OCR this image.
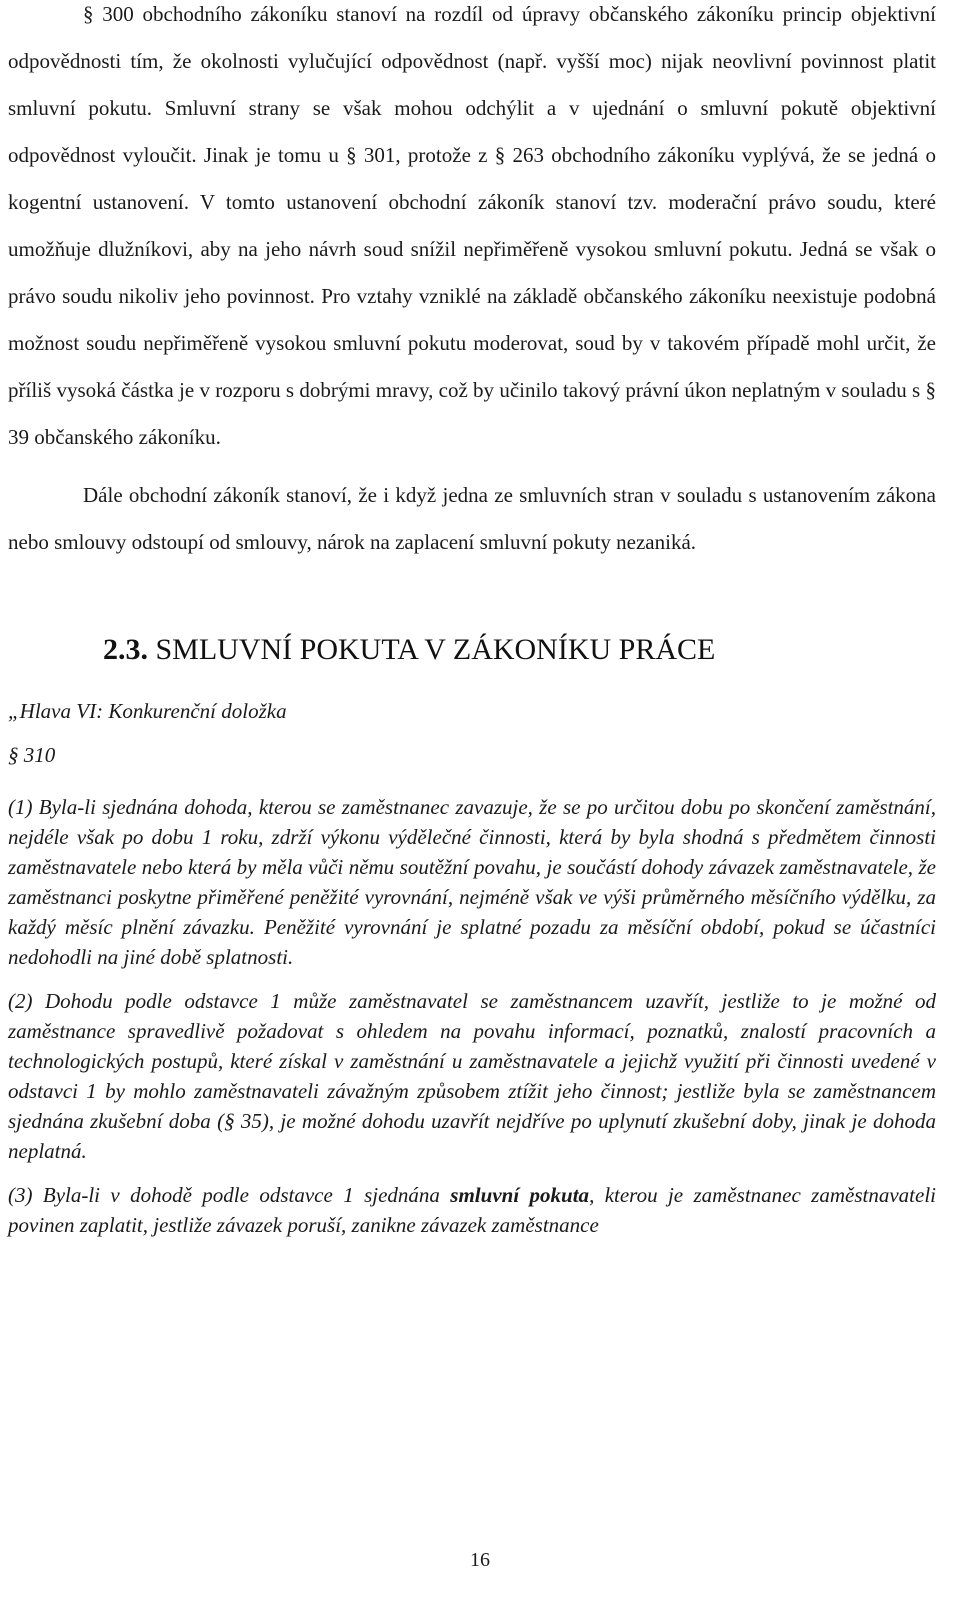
§ 300 obchodního zákoníku stanoví na rozdíl od úpravy občanského zákoníku princip objektivní odpovědnosti tím, že okolnosti vylučující odpovědnost (např. vyšší moc) nijak neovlivní povinnost platit smluvní pokutu. Smluvní strany se však mohou odchýlit a v ujednání o smluvní pokutě objektivní odpovědnost vyloučit. Jinak je tomu u § 301, protože z § 263 obchodního zákoníku vyplývá, že se jedná o kogentní ustanovení. V tomto ustanovení obchodní zákoník stanoví tzv. moderační právo soudu, které umožňuje dlužníkovi, aby na jeho návrh soud snížil nepřiměřeně vysokou smluvní pokutu. Jedná se však o právo soudu nikoliv jeho povinnost. Pro vztahy vzniklé na základě občanského zákoníku neexistuje podobná možnost soudu nepřiměřeně vysokou smluvní pokutu moderovat, soud by v takovém případě mohl určit, že příliš vysoká částka je v rozporu s dobrými mravy, což by učinilo takový právní úkon neplatným v souladu s § 39 občanského zákoníku.

Dále obchodní zákoník stanoví, že i když jedna ze smluvních stran v souladu s ustanovením zákona nebo smlouvy odstoupí od smlouvy, nárok na zaplacení smluvní pokuty nezaniká.

2.3. SMLUVNÍ POKUTA V ZÁKONÍKU PRÁCE

„Hlava VI: Konkurenční doložka

§ 310

(1) Byla-li sjednána dohoda, kterou se zaměstnanec zavazuje, že se po určitou dobu po skončení zaměstnání, nejdéle však po dobu 1 roku, zdrží výkonu výdělečné činnosti, která by byla shodná s předmětem činnosti zaměstnavatele nebo která by měla vůči němu soutěžní povahu, je součástí dohody závazek zaměstnavatele, že zaměstnanci poskytne přiměřené peněžité vyrovnání, nejméně však ve výši průměrného měsíčního výdělku, za každý měsíc plnění závazku. Peněžité vyrovnání je splatné pozadu za měsíční období, pokud se účastníci nedohodli na jiné době splatnosti.

(2) Dohodu podle odstavce 1 může zaměstnavatel se zaměstnancem uzavřít, jestliže to je možné od zaměstnance spravedlivě požadovat s ohledem na povahu informací, poznatků, znalostí pracovních a technologických postupů, které získal v zaměstnání u zaměstnavatele a jejichž využití při činnosti uvedené v odstavci 1 by mohlo zaměstnavateli závažným způsobem ztížit jeho činnost; jestliže byla se zaměstnancem sjednána zkušební doba (§ 35), je možné dohodu uzavřít nejdříve po uplynutí zkušební doby, jinak je dohoda neplatná.

(3) Byla-li v dohodě podle odstavce 1 sjednána smluvní pokuta, kterou je zaměstnanec zaměstnavateli povinen zaplatit, jestliže závazek poruší, zanikne závazek zaměstnance

16
